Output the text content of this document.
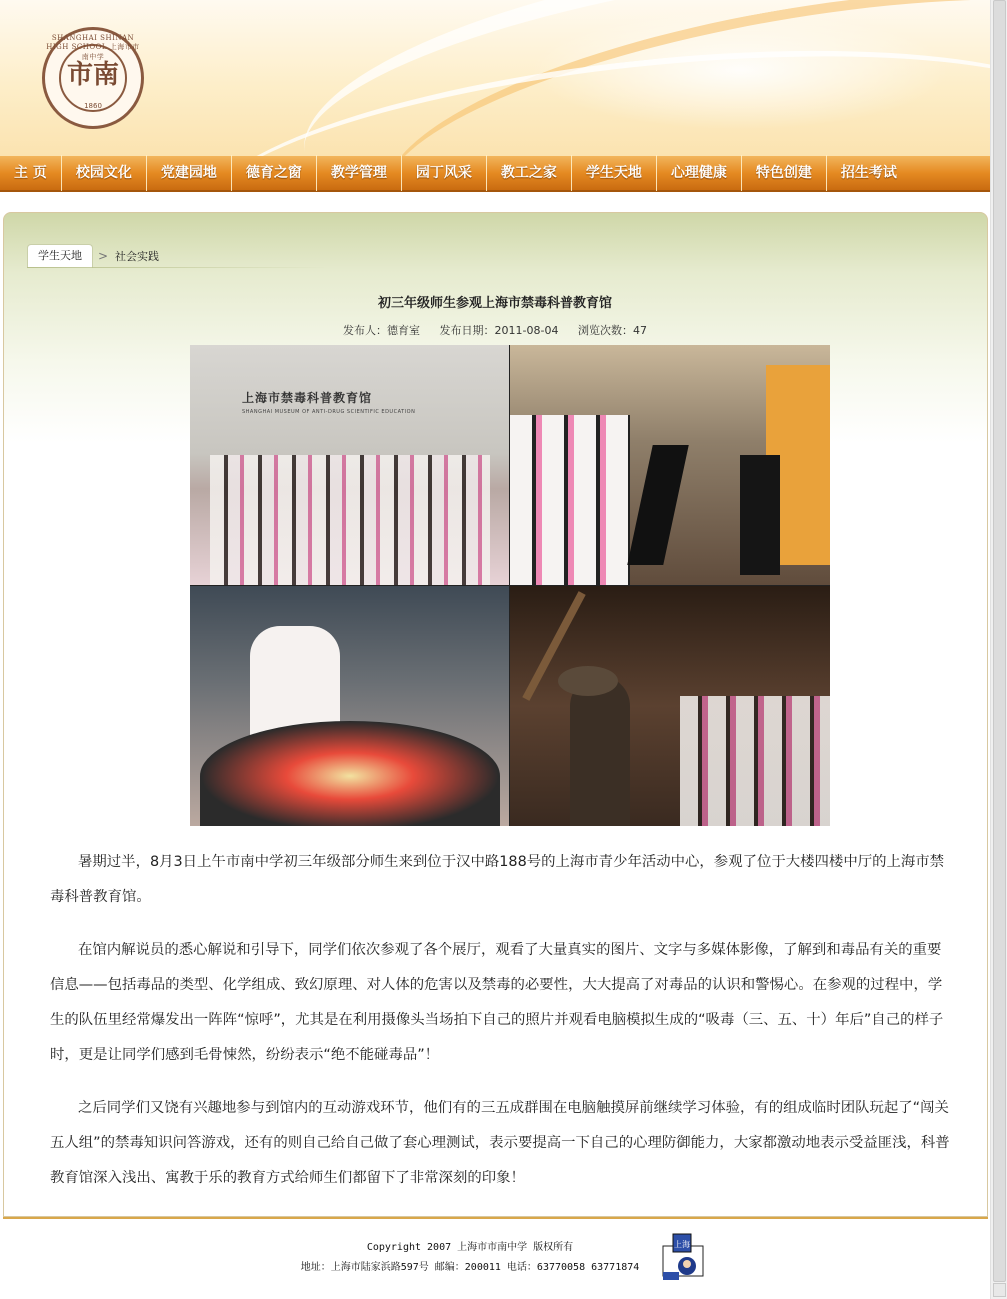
SHANGHAI SHINAN HIGH SCHOOL 上海市市南中学
市南
1860
主 页	校园文化	党建园地	德育之窗	教学管理	园丁风采	教工之家	学生天地	心理健康	特色创建	招生考试
学生天地	> 社会实践
初三年级师生参观上海市禁毒科普教育馆
发布人：德育室 发布日期：2011-08-04 浏览次数：47
上海市禁毒科普教育馆
SHANGHAI MUSEUM OF ANTI-DRUG SCIENTIFIC EDUCATION

暑期过半，8月3日上午市南中学初三年级部分师生来到位于汉中路188号的上海市青少年活动中心，参观了位于大楼四楼中厅的上海市禁毒科普教育馆。

在馆内解说员的悉心解说和引导下，同学们依次参观了各个展厅，观看了大量真实的图片、文字与多媒体影像，了解到和毒品有关的重要信息——包括毒品的类型、化学组成、致幻原理、对人体的危害以及禁毒的必要性，大大提高了对毒品的认识和警惕心。在参观的过程中，学生的队伍里经常爆发出一阵阵“惊呼”，尤其是在利用摄像头当场拍下自己的照片并观看电脑模拟生成的“吸毒（三、五、十）年后”自己的样子时，更是让同学们感到毛骨悚然，纷纷表示“绝不能碰毒品”！

之后同学们又饶有兴趣地参与到馆内的互动游戏环节，他们有的三五成群围在电脑触摸屏前继续学习体验，有的组成临时团队玩起了“闯关五人组”的禁毒知识问答游戏，还有的则自己给自己做了套心理测试，表示要提高一下自己的心理防御能力，大家都激动地表示受益匪浅，科普教育馆深入浅出、寓教于乐的教育方式给师生们都留下了非常深刻的印象！

Copyright 2007 上海市市南中学 版权所有
地址：上海市陆家浜路597号 邮编：200011 电话：63770058 63771874
上海
